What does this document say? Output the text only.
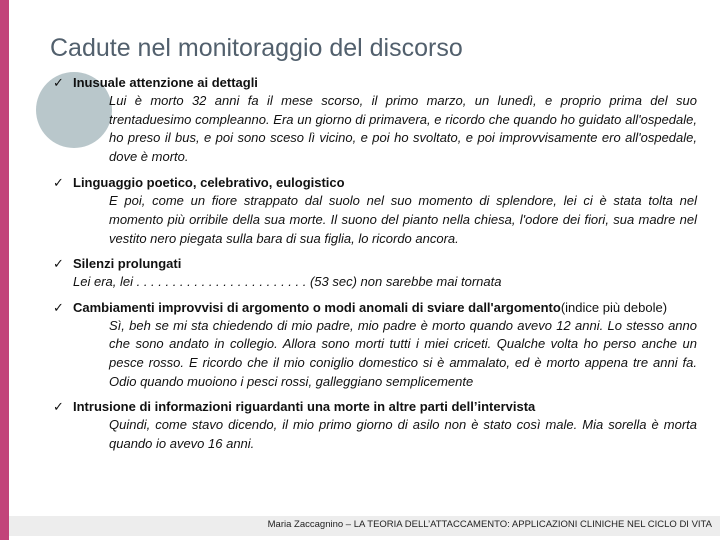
Cadute nel monitoraggio del discorso
✓ Inusuale attenzione ai dettagli
Lui è morto 32 anni fa il mese scorso, il primo marzo, un lunedì, e proprio prima del suo trentaduesimo compleanno. Era un giorno di primavera, e ricordo che quando ho guidato all'ospedale, ho preso il bus, e poi sono sceso lì vicino, e poi ho svoltato, e poi improvvisamente ero all'ospedale, dove è morto.
✓ Linguaggio poetico, celebrativo, eulogistico
E poi, come un fiore strappato dal suolo nel suo momento di splendore, lei ci è stata tolta nel momento più orribile della sua morte. Il suono del pianto nella chiesa, l'odore dei fiori, sua madre nel vestito nero piegata sulla bara di sua figlia, lo ricordo ancora.
✓ Silenzi prolungati
Lei era, lei . . . . . . . . . . . . . . . . . . . . . . . . (53 sec) non sarebbe mai tornata
✓ Cambiamenti improvvisi di argomento o modi anomali di sviare dall'argomento(indice più debole)
Sì, beh se mi sta chiedendo di mio padre, mio padre è morto quando avevo 12 anni. Lo stesso anno che sono andato in collegio. Allora sono morti tutti i miei criceti. Qualche volta ho perso anche un pesce rosso. E ricordo che il mio coniglio domestico si è ammalato, ed è morto appena tre anni fa. Odio quando muoiono i pesci rossi, galleggiano semplicemente
✓ Intrusione di informazioni riguardanti una morte in altre parti dell’intervista
Quindi, come stavo dicendo, il mio primo giorno di asilo non è stato così male. Mia sorella è morta quando io avevo 16 anni.
Maria Zaccagnino – LA TEORIA DELL’ATTACCAMENTO: APPLICAZIONI CLINICHE NEL CICLO DI VITA
